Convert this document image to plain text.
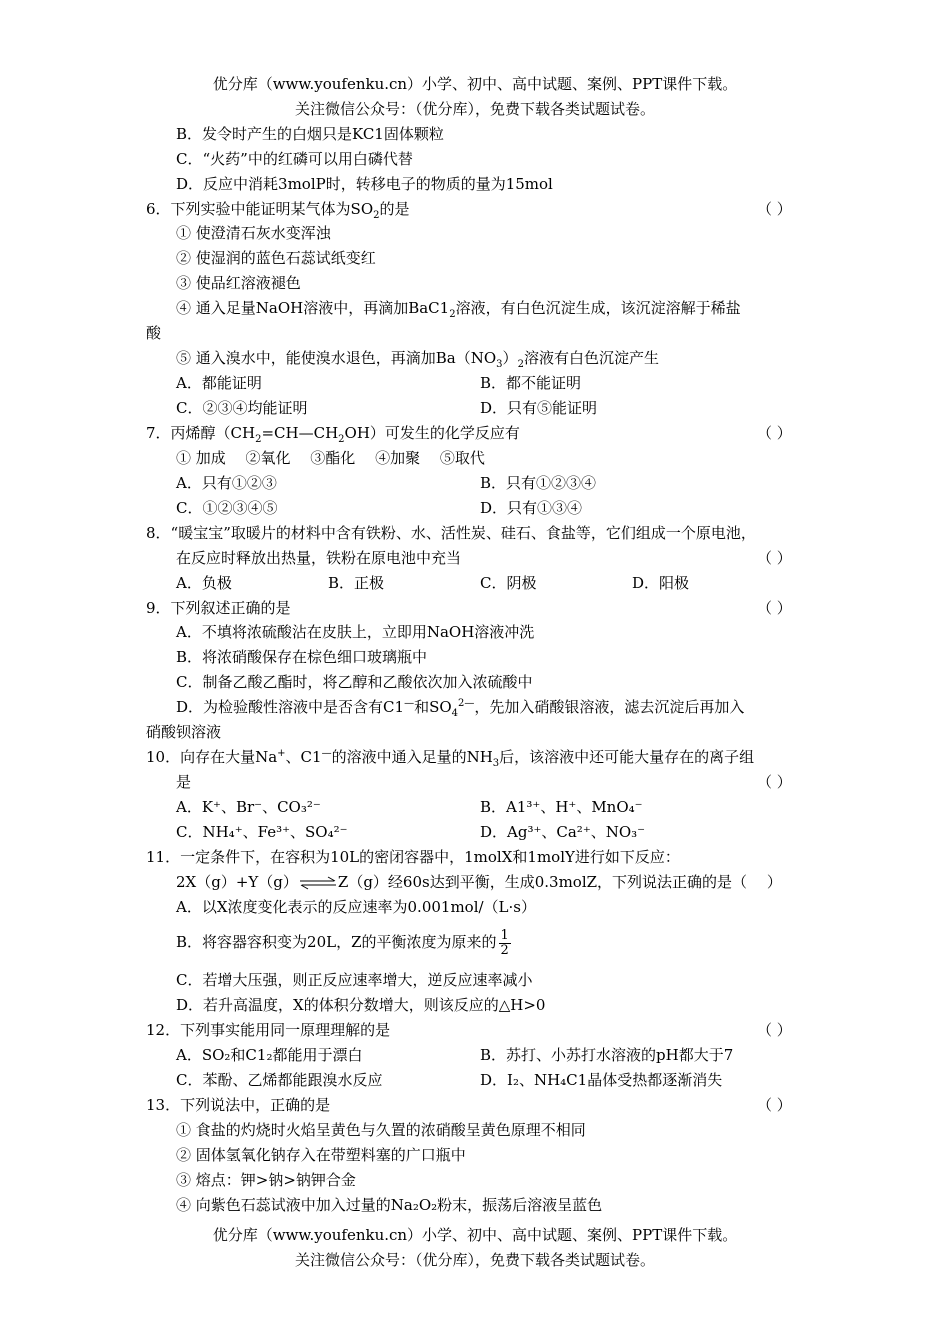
优分库（www.youfenku.cn）小学、初中、高中试题、案例、PPT课件下载。
关注微信公众号：（优分库），免费下载各类试题试卷。
B．发令时产生的白烟只是KC1固体颗粒
C．“火药”中的红磷可以用白磷代替
D．反应中消耗3molP时，转移电子的物质的量为15mol
6．下列实验中能证明某气体为$SO_2$的是	（ ）
① 使澄清石灰水变浑浊
② 使湿润的蓝色石蕊试纸变红
③ 使品红溶液褪色
④ 通入足量NaOH溶液中，再滴加$BaC1_2$溶液，有白色沉淀生成，该沉淀溶解于稀盐
酸
⑤ 通入溴水中，能使溴水退色，再滴加$Ba(NO_3)_2$溶液有白色沉淀产生
A．都能证明	B．都不能证明
C．②③④均能证明	D．只有⑤能证明
7．丙烯醇$(CH_2=CH—CH_2OH)$可发生的化学反应有	（ ）
① 加成　 ②氧化　 ③酯化　 ④加聚　 ⑤取代
A．只有①②③	B．只有①②③④
C．①②③④⑤	D．只有①③④
8．“暖宝宝”取暖片的材料中含有铁粉、水、活性炭、硅石、食盐等，它们组成一个原电池，
在反应时释放出热量，铁粉在原电池中充当	（ ）
A．负极	B．正极	C．阴极	D．阳极
9．下列叙述正确的是	（ ）
A．不填将浓硫酸沾在皮肤上，立即用NaOH溶液冲洗
B．将浓硝酸保存在棕色细口玻璃瓶中
C．制备乙酸乙酯时，将乙醇和乙酸依次加入浓硫酸中
D．为检验酸性溶液中是否含有C1—和$SO_4^{2—}$，先加入硝酸银溶液，滤去沉淀后再加入
硝酸钡溶液
10．向存在大量Na+、C1—的溶液中通入足量的$NH_3$后，该溶液中还可能大量存在的离子组
是	（ ）
A．K⁺、Br⁻、CO₃²⁻	B．A1³⁺、H⁺、MnO₄⁻
C．NH₄⁺、Fe³⁺、SO₄²⁻	D．Ag³⁺、Ca²⁺、NO₃⁻
11．一定条件下，在容积为10L的密闭容器中，1molX和1molY进行如下反应：
2X（g）+Y（g）⇌Z（g）经60s达到平衡，生成0.3molZ，下列说法正确的是（　 ）
A．以X浓度变化表示的反应速率为0.001mol/（L·s）
B．将容器容积变为20L，Z的平衡浓度为原来的 $\frac{1}{2}$
C．若增大压强，则正反应速率增大，逆反应速率减小
D．若升高温度，X的体积分数增大，则该反应的△H>0
12．下列事实能用同一原理理解的是	（ ）
A．SO₂和C1₂都能用于漂白	B．苏打、小苏打水溶液的pH都大于7
C．苯酚、乙烯都能跟溴水反应	D．I₂、NH₄C1晶体受热都逐渐消失
13．下列说法中，正确的是	（ ）
① 食盐的灼烧时火焰呈黄色与久置的浓硝酸呈黄色原理不相同
② 固体氢氧化钠存入在带塑料塞的广口瓶中
③ 熔点：钾>钠>钠钾合金
④ 向紫色石蕊试液中加入过量的Na₂O₂粉末，振荡后溶液呈蓝色
优分库（www.youfenku.cn）小学、初中、高中试题、案例、PPT课件下载。
关注微信公众号：（优分库），免费下载各类试题试卷。
